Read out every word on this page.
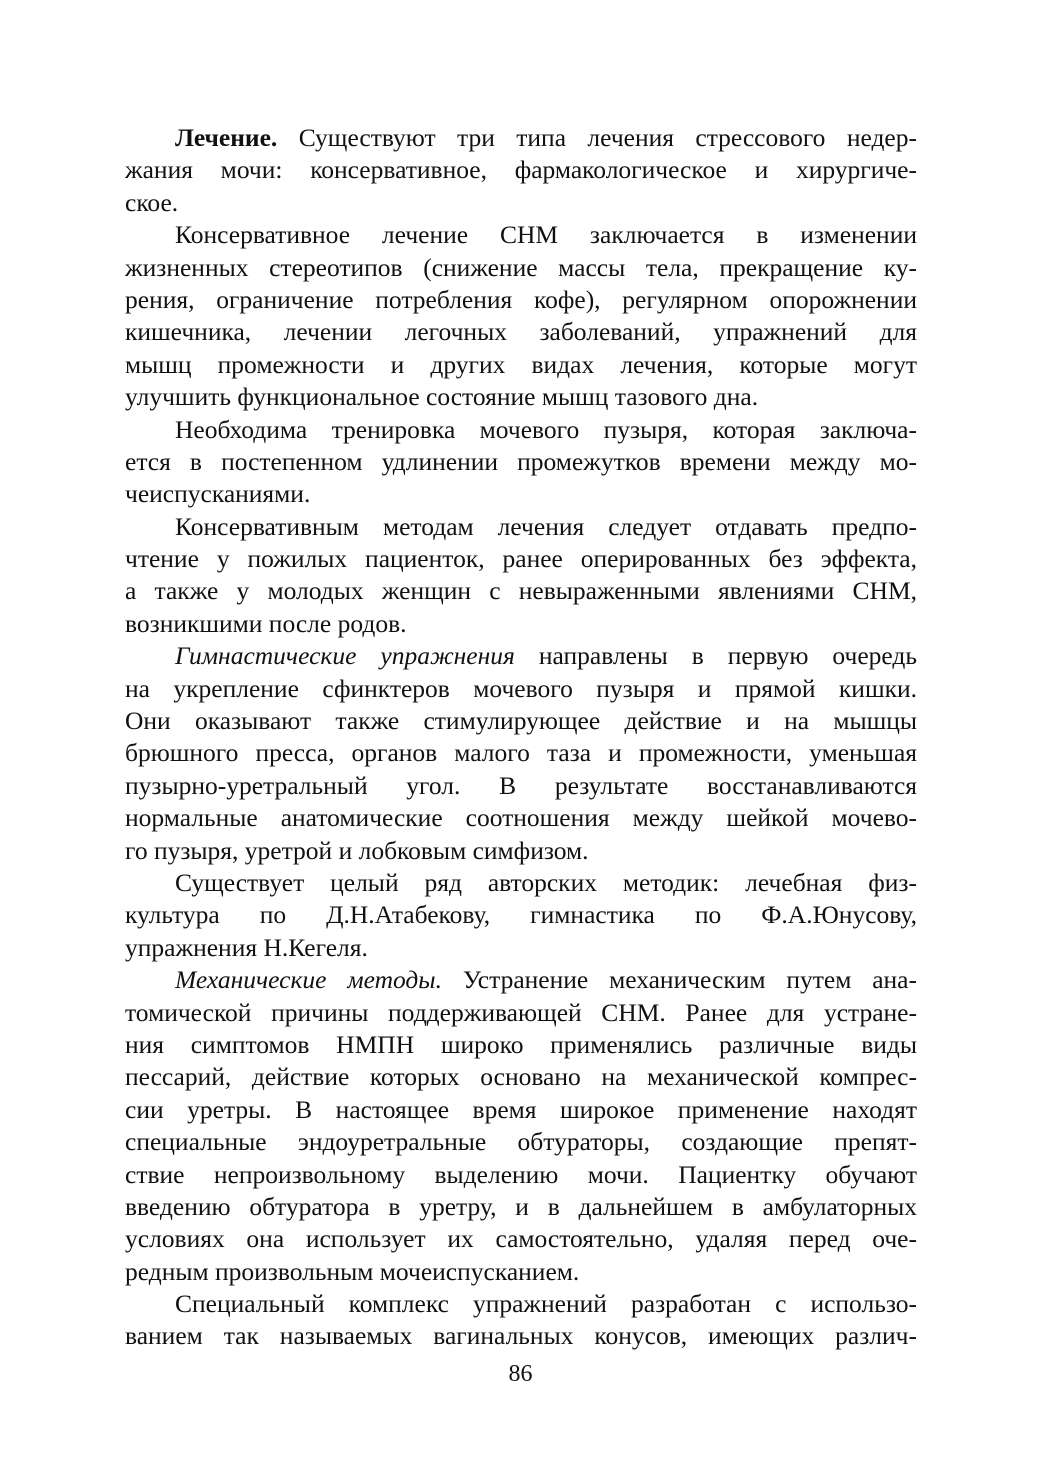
Лечение. Существуют три типа лечения стрессового недер-
жания мочи: консервативное, фармакологическое и хирургиче-
ское.
Консервативное лечение СНМ заключается в изменении
жизненных стереотипов (снижение массы тела, прекращение ку-
рения, ограничение потребления кофе), регулярном опорожнении
кишечника, лечении легочных заболеваний, упражнений для
мышц промежности и других видах лечения, которые могут
улучшить функциональное состояние мышц тазового дна.
Необходима тренировка мочевого пузыря, которая заключа-
ется в постепенном удлинении промежутков времени между мо-
чеиспусканиями.
Консервативным методам лечения следует отдавать предпо-
чтение у пожилых пациенток, ранее оперированных без эффекта,
а также у молодых женщин с невыраженными явлениями СНМ,
возникшими после родов.
Гимнастические упражнения направлены в первую очередь
на укрепление сфинктеров мочевого пузыря и прямой кишки.
Они оказывают также стимулирующее действие и на мышцы
брюшного пресса, органов малого таза и промежности, уменьшая
пузырно-уретральный угол. В результате восстанавливаются
нормальные анатомические соотношения между шейкой мочево-
го пузыря, уретрой и лобковым симфизом.
Существует целый ряд авторских методик: лечебная физ-
культура по Д.Н.Атабекову, гимнастика по Ф.А.Юнусову,
упражнения Н.Кегеля.
Механические методы. Устранение механическим путем ана-
томической причины поддерживающей СНМ. Ранее для устране-
ния симптомов НМПН широко применялись различные виды
пессарий, действие которых основано на механической компрес-
сии уретры. В настоящее время широкое применение находят
специальные эндоуретральные обтураторы, создающие препят-
ствие непроизвольному выделению мочи. Пациентку обучают
введению обтуратора в уретру, и в дальнейшем в амбулаторных
условиях она использует их самостоятельно, удаляя перед оче-
редным произвольным мочеиспусканием.
Специальный комплекс упражнений разработан с использо-
ванием так называемых вагинальных конусов, имеющих различ-
86
